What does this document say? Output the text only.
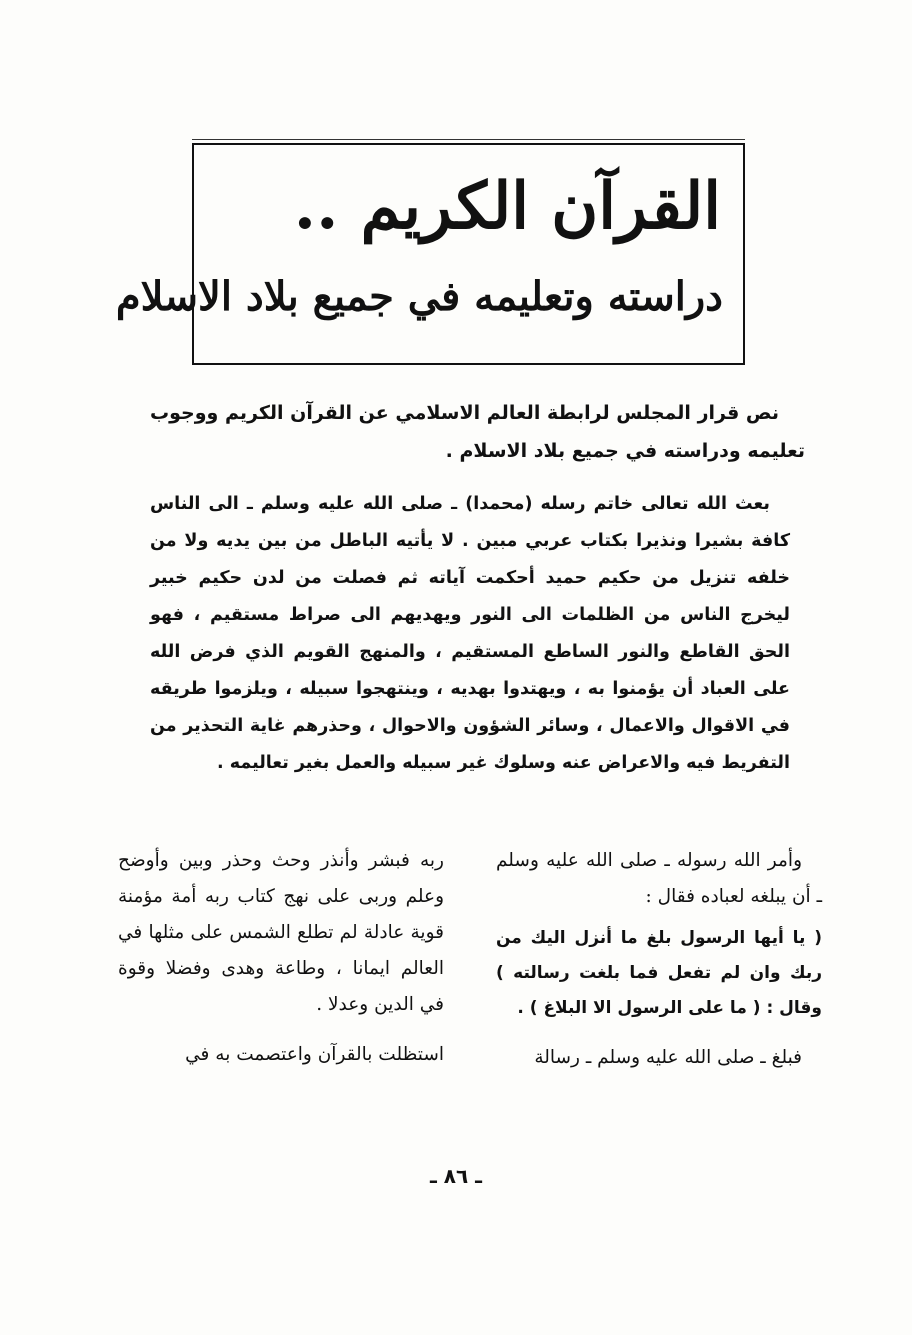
القرآن الكريم ..
دراسته وتعليمه في جميع بلاد الاسلام

نص قرار المجلس لرابطة العالم الاسلامي عن القرآن الكريم ووجوب تعليمه ودراسته في جميع بلاد الاسلام .

بعث الله تعالى خاتم رسله (محمدا) ـ صلى الله عليه وسلم ـ الى الناس كافة بشيرا ونذيرا بكتاب عربي مبين . لا يأتيه الباطل من بين يديه ولا من خلفه تنزيل من حكيم حميد أحكمت آياته ثم فصلت من لدن حكيم خبير ليخرج الناس من الظلمات الى النور ويهديهم الى صراط مستقيم ، فهو الحق القاطع والنور الساطع المستقيم ، والمنهج القويم الذي فرض الله على العباد أن يؤمنوا به ، ويهتدوا بهديه ، وينتهجوا سبيله ، ويلزموا طريقه في الاقوال والاعمال ، وسائر الشؤون والاحوال ، وحذرهم غاية التحذير من التفريط فيه والاعراض عنه وسلوك غير سبيله والعمل بغير تعاليمه .

وأمر الله رسوله ـ صلى الله عليه وسلم ـ أن يبلغه لعباده فقال :

( يا أيها الرسول بلغ ما أنزل اليك من ربك وان لم تفعل فما بلغت رسالته ) وقال : ( ما على الرسول الا البلاغ ) .

فبلغ ـ صلى الله عليه وسلم ـ رسالة

ربه فبشر وأنذر وحث وحذر وبين وأوضح وعلم وربى على نهج كتاب ربه أمة مؤمنة قوية عادلة لم تطلع الشمس على مثلها في العالم ايمانا ، وطاعة وهدى وفضلا وقوة في الدين وعدلا .

استظلت بالقرآن واعتصمت به في

ـ ٨٦ ـ
